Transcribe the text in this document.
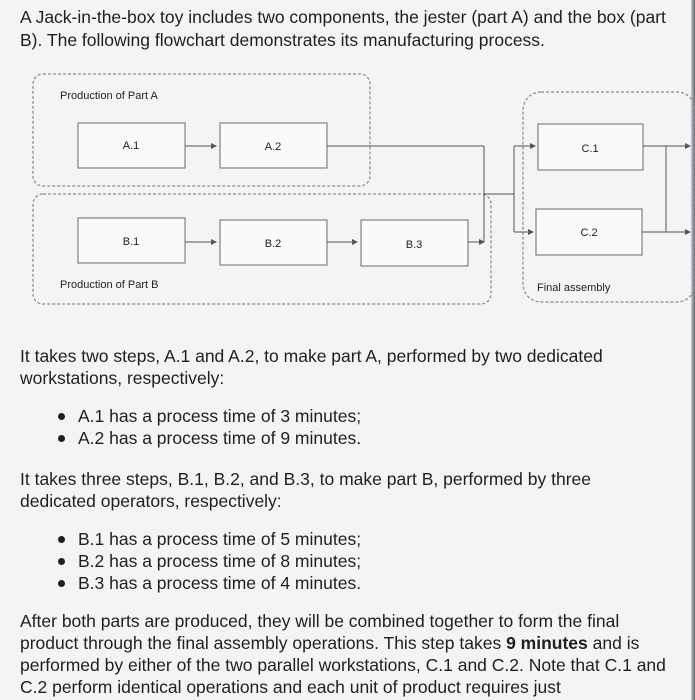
A Jack-in-the-box toy includes two components, the jester (part A) and the box (part B). The following flowchart demonstrates its manufacturing process.
Production of Part A
Production of Part B	Final assembly
A.1	A.2
B.1	B.2	B.3
C.1
C.2
It takes two steps, A.1 and A.2, to make part A, performed by two dedicated workstations, respectively:
A.1 has a process time of 3 minutes;
A.2 has a process time of 9 minutes.
It takes three steps, B.1, B.2, and B.3, to make part B, performed by three dedicated operators, respectively:
B.1 has a process time of 5 minutes;
B.2 has a process time of 8 minutes;
B.3 has a process time of 4 minutes.

After both parts are produced, they will be combined together to form the final product through the final assembly operations. This step takes 9 minutes and is performed by either of the two parallel workstations, C.1 and C.2. Note that C.1 and C.2 perform identical operations and each unit of product requires just
